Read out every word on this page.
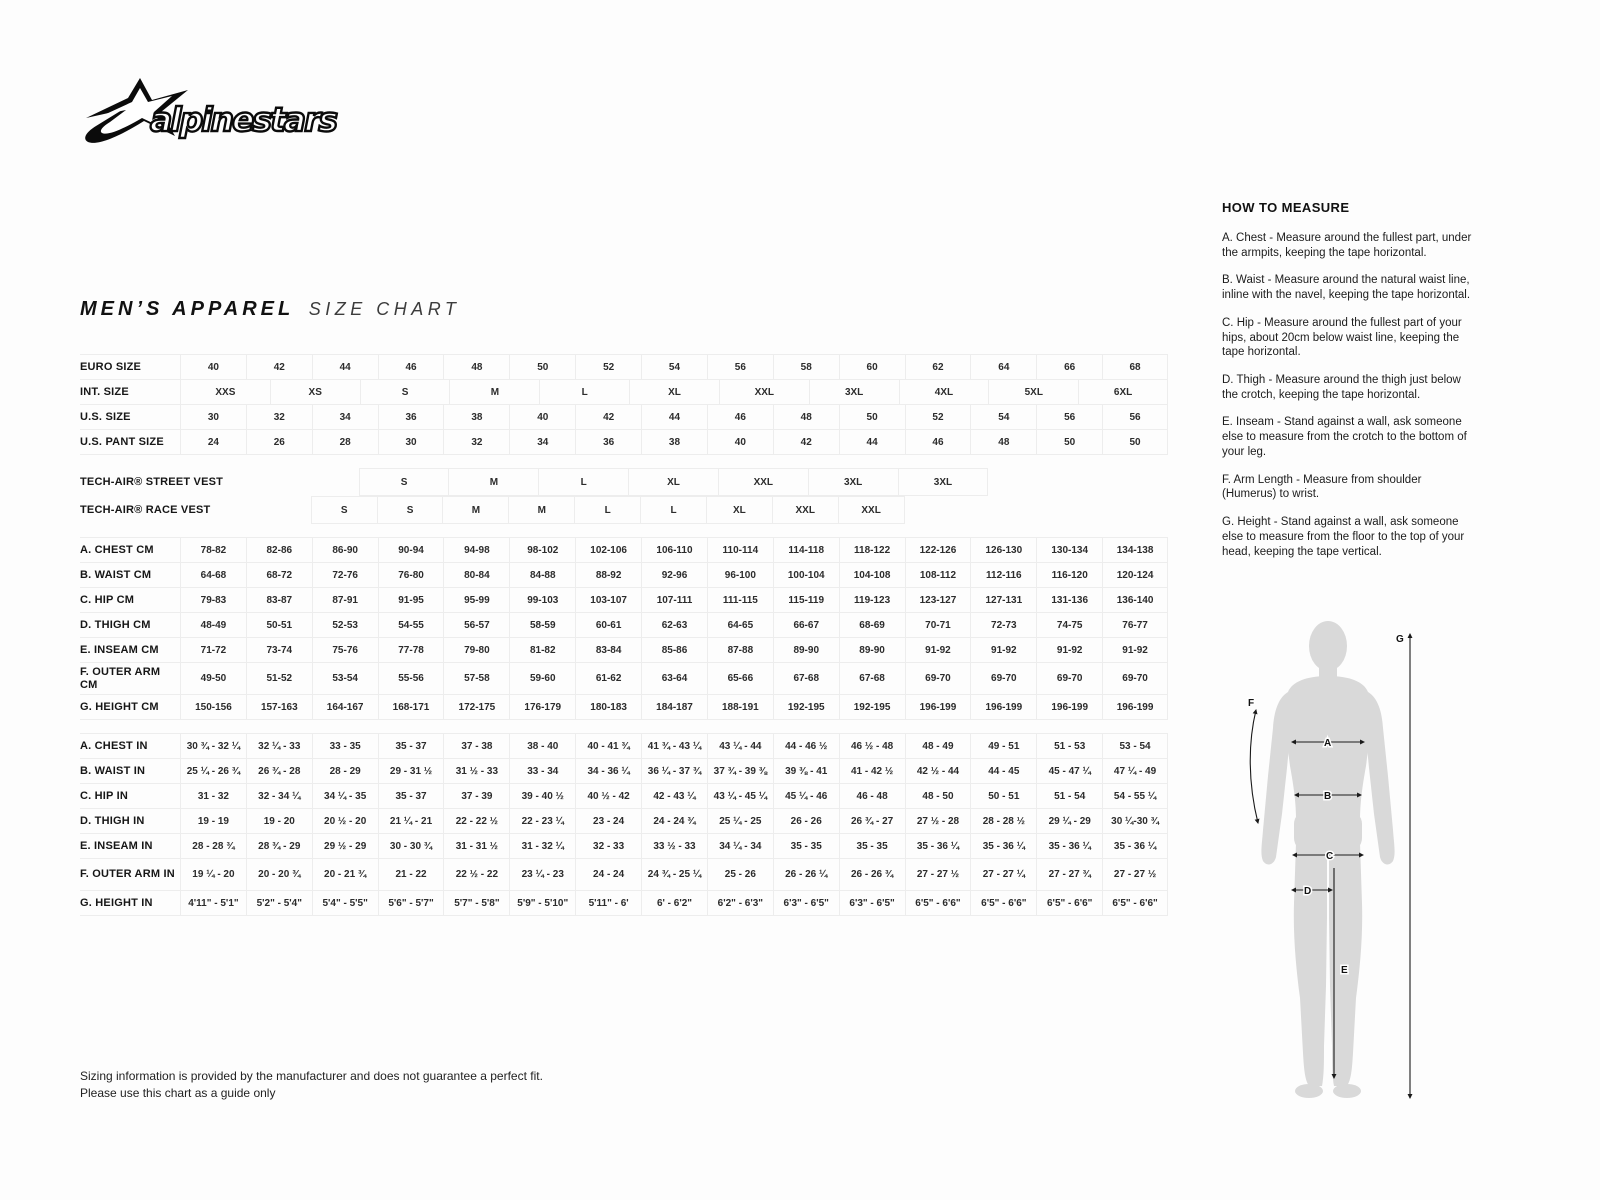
alpinestars
MEN’S APPAREL SIZE CHART
EURO SIZE	40	42	44	46	48	50	52	54	56	58	60	62	64	66	68
INT. SIZE	XXS	XS	S	M	L	XL	XXL	3XL	4XL	5XL	6XL
U.S. SIZE	30	32	34	36	38	40	42	44	46	48	50	52	54	56	56
U.S. PANT SIZE	24	26	28	30	32	34	36	38	40	42	44	46	48	50	50
TECH-AIR® STREET VEST	S	M	L	XL	XXL	3XL	3XL
TECH-AIR® RACE VEST	S	S	M	M	L	L	XL	XXL	XXL
A. CHEST CM	78-82	82-86	86-90	90-94	94-98	98-102	102-106	106-110	110-114	114-118	118-122	122-126	126-130	130-134	134-138
B. WAIST CM	64-68	68-72	72-76	76-80	80-84	84-88	88-92	92-96	96-100	100-104	104-108	108-112	112-116	116-120	120-124
C. HIP CM	79-83	83-87	87-91	91-95	95-99	99-103	103-107	107-111	111-115	115-119	119-123	123-127	127-131	131-136	136-140
D. THIGH CM	48-49	50-51	52-53	54-55	56-57	58-59	60-61	62-63	64-65	66-67	68-69	70-71	72-73	74-75	76-77
E. INSEAM CM	71-72	73-74	75-76	77-78	79-80	81-82	83-84	85-86	87-88	89-90	89-90	91-92	91-92	91-92	91-92
F. OUTER ARM CM	49-50	51-52	53-54	55-56	57-58	59-60	61-62	63-64	65-66	67-68	67-68	69-70	69-70	69-70	69-70
G. HEIGHT CM	150-156	157-163	164-167	168-171	172-175	176-179	180-183	184-187	188-191	192-195	192-195	196-199	196-199	196-199	196-199
A. CHEST IN	30 ¾ - 32 ¼	32 ¼ - 33	33 - 35	35 - 37	37 - 38	38 - 40	40 - 41 ¾	41 ¾ - 43 ¼	43 ¼ - 44	44 - 46 ½	46 ½ - 48	48 - 49	49 - 51	51 - 53	53 - 54
B. WAIST IN	25 ¼ - 26 ¾	26 ¾ - 28	28 - 29	29 - 31 ½	31 ½ - 33	33 - 34	34 - 36 ¼	36 ¼ - 37 ¾	37 ¾ - 39 ⅜	39 ⅜ - 41	41 - 42 ½	42 ½ - 44	44 - 45	45 - 47 ¼	47 ¼ - 49
C. HIP IN	31 - 32	32 - 34 ¼	34 ¼ - 35	35 - 37	37 - 39	39 - 40 ½	40 ½ - 42	42 - 43 ¼	43 ¼ - 45 ¼	45 ¼ - 46	46 - 48	48 - 50	50 - 51	51 - 54	54 - 55 ¼
D. THIGH IN	19 - 19	19 - 20	20 ½ - 20	21 ¼ - 21	22 - 22 ½	22 - 23 ¼	23 - 24	24 - 24 ¾	25 ¼ - 25	26 - 26	26 ¾ - 27	27 ½ - 28	28 - 28 ½	29 ¼ - 29	30 ¼-30 ¾
E. INSEAM IN	28 - 28 ¾	28 ¾ - 29	29 ½ - 29	30 - 30 ¾	31 - 31 ½	31 - 32 ¼	32 - 33	33 ½ - 33	34 ¼ - 34	35 - 35	35 - 35	35 - 36 ¼	35 - 36 ¼	35 - 36 ¼	35 - 36 ¼
F. OUTER ARM IN	19 ¼ - 20	20 - 20 ¾	20 - 21 ¾	21 - 22	22 ½ - 22	23 ¼ - 23	24 - 24	24 ¾ - 25 ¼	25 - 26	26 - 26 ¼	26 - 26 ¾	27 - 27 ½	27 - 27 ¼	27 - 27 ¾	27 - 27 ½
G. HEIGHT IN	4'11" - 5'1"	5'2" - 5'4"	5'4" - 5'5"	5'6" - 5'7"	5'7" - 5'8"	5'9" - 5'10"	5'11" - 6'	6' - 6'2"	6'2" - 6'3"	6'3" - 6'5"	6'3" - 6'5"	6'5" - 6'6"	6'5" - 6'6"	6'5" - 6'6"	6'5" - 6'6"
HOW TO MEASURE

A. Chest - Measure around the fullest part, under the armpits, keeping the tape horizontal.

B. Waist - Measure around the natural waist line, inline with the navel, keeping the tape horizontal.

C. Hip - Measure around the fullest part of your hips, about 20cm below waist line, keeping the tape horizontal.

D. Thigh - Measure around the thigh just below the crotch, keeping the tape horizontal.

E. Inseam - Stand against a wall, ask someone else to measure from the crotch to the bottom of your leg.

F. Arm Length - Measure from shoulder (Humerus) to wrist.

G. Height - Stand against a wall, ask someone else to measure from the floor to the top of your head, keeping the tape vertical.

A
B
C
D
E
F
G
Sizing information is provided by the manufacturer and does not guarantee a perfect fit.
Please use this chart as a guide only
